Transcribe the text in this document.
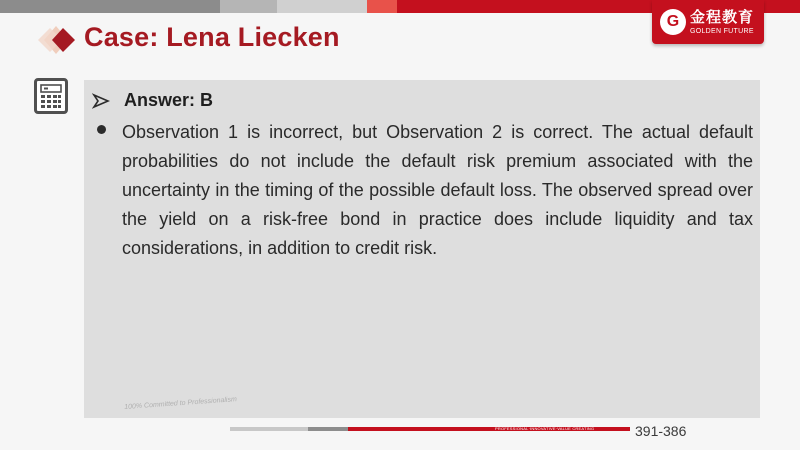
G 金程教育
GOLDEN FUTURE
Case: Lena Liecken
Answer: B

Observation 1 is incorrect, but Observation 2 is correct. The actual default probabilities do not include the default risk premium associated with the uncertainty in the timing of the possible default loss. The observed spread over the yield on a risk-free bond in practice does include liquidity and tax considerations, in addition to credit risk.

100% Committed to Professionalism
PROFESSIONAL·INNOVATIVE·VALUE CREATING	391-386
